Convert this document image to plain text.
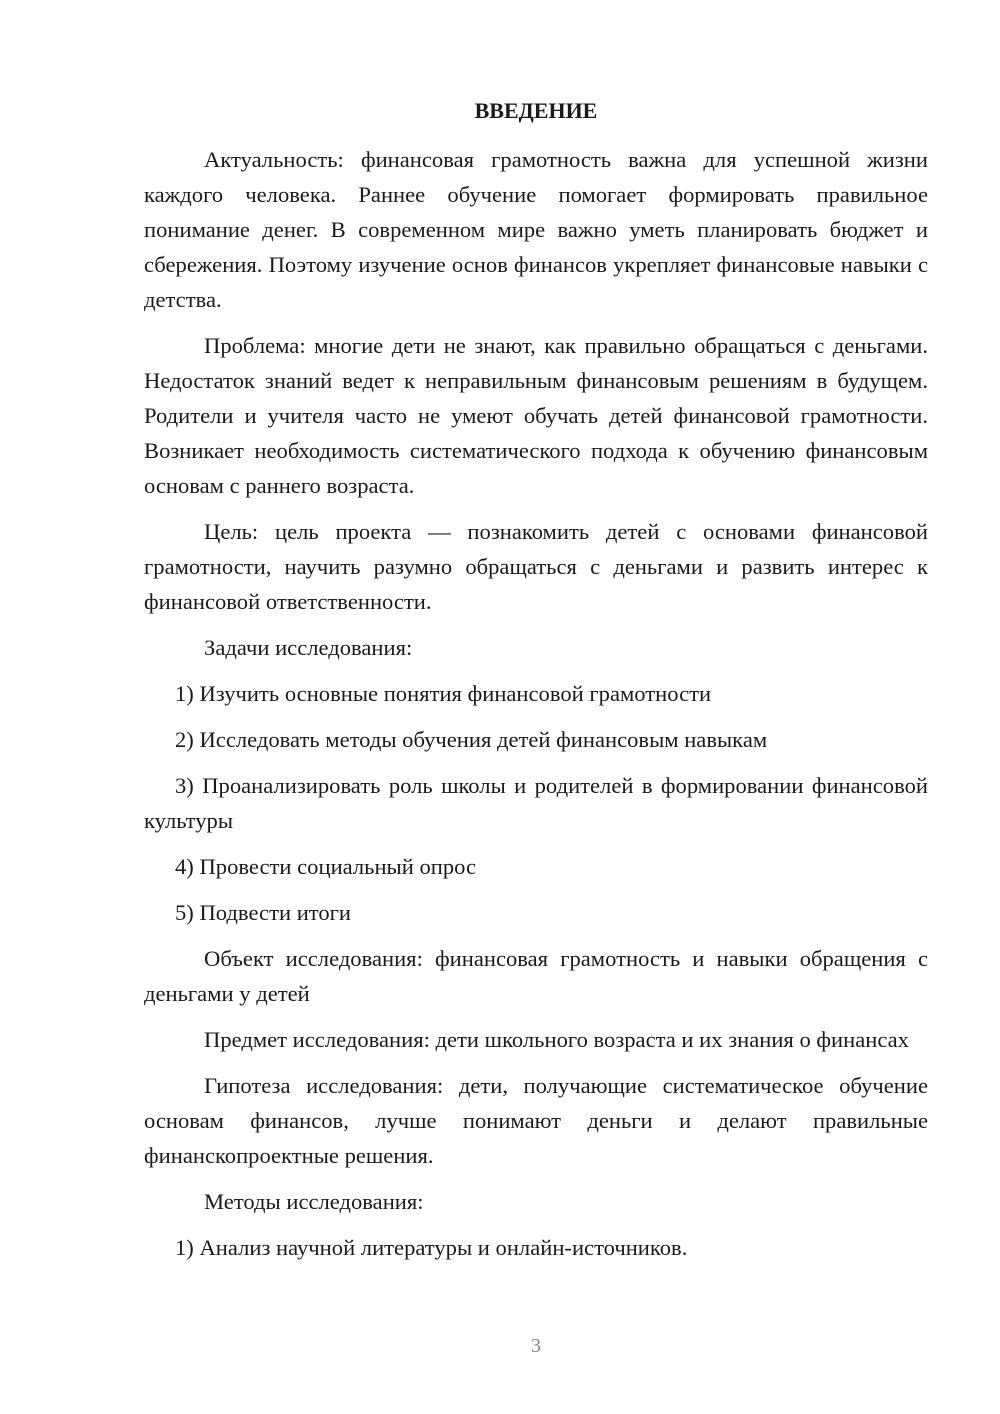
ВВЕДЕНИЕ

Актуальность: финансовая грамотность важна для успешной жизни каждого человека. Раннее обучение помогает формировать правильное понимание денег. В современном мире важно уметь планировать бюджет и сбережения. Поэтому изучение основ финансов укрепляет финансовые навыки с детства.

Проблема: многие дети не знают, как правильно обращаться с деньгами. Недостаток знаний ведет к неправильным финансовым решениям в будущем. Родители и учителя часто не умеют обучать детей финансовой грамотности. Возникает необходимость систематического подхода к обучению финансовым основам с раннего возраста.

Цель: цель проекта — познакомить детей с основами финансовой грамотности, научить разумно обращаться с деньгами и развить интерес к финансовой ответственности.

Задачи исследования:

1) Изучить основные понятия финансовой грамотности

2) Исследовать методы обучения детей финансовым навыкам

3) Проанализировать роль школы и родителей в формировании финансовой культуры

4) Провести социальный опрос

5) Подвести итоги

Объект исследования: финансовая грамотность и навыки обращения с деньгами у детей

Предмет исследования: дети школьного возраста и их знания о финансах

Гипотеза исследования: дети, получающие систематическое обучение основам финансов, лучше понимают деньги и делают правильные финанскопроектные решения.

Методы исследования:

1) Анализ научной литературы и онлайн-источников.

3
